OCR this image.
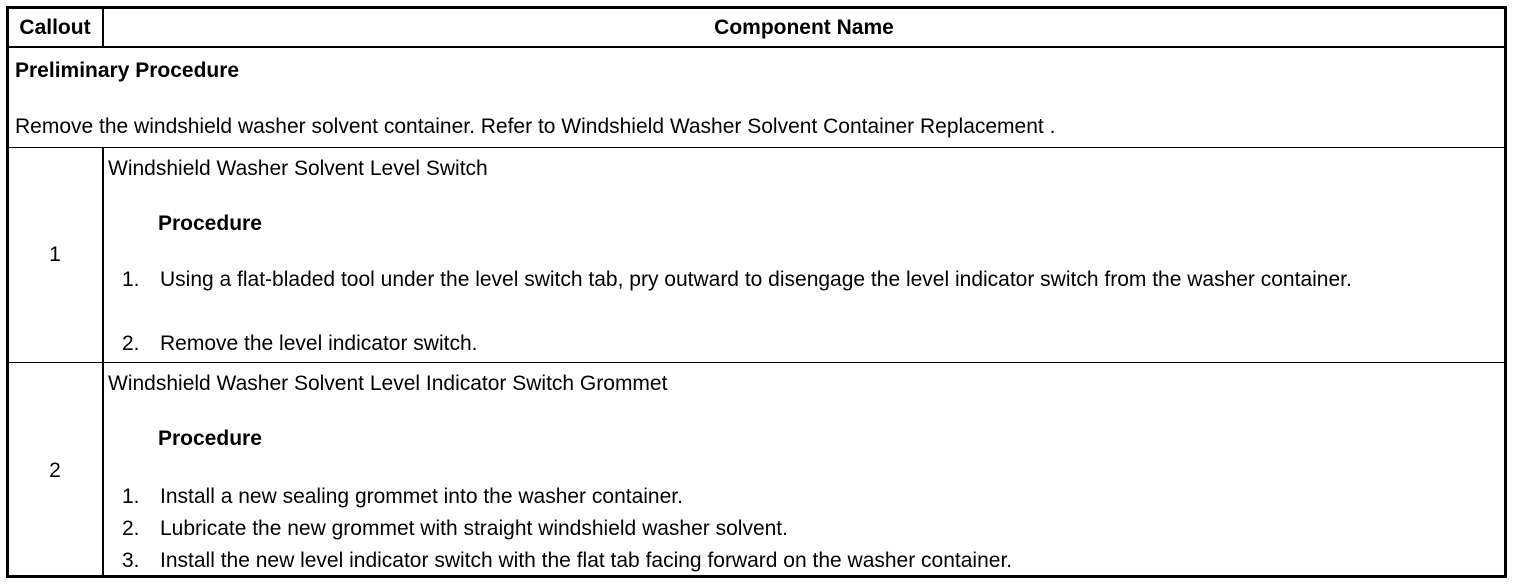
Callout	Component Name
Preliminary Procedure
Remove the windshield washer solvent container. Refer to Windshield Washer Solvent Container Replacement .
1
Windshield Washer Solvent Level Switch
Procedure
1. Using a flat-bladed tool under the level switch tab, pry outward to disengage the level indicator switch from the washer container.
2. Remove the level indicator switch.
2
Windshield Washer Solvent Level Indicator Switch Grommet
Procedure
1. Install a new sealing grommet into the washer container.
2. Lubricate the new grommet with straight windshield washer solvent.
3. Install the new level indicator switch with the flat tab facing forward on the washer container.
